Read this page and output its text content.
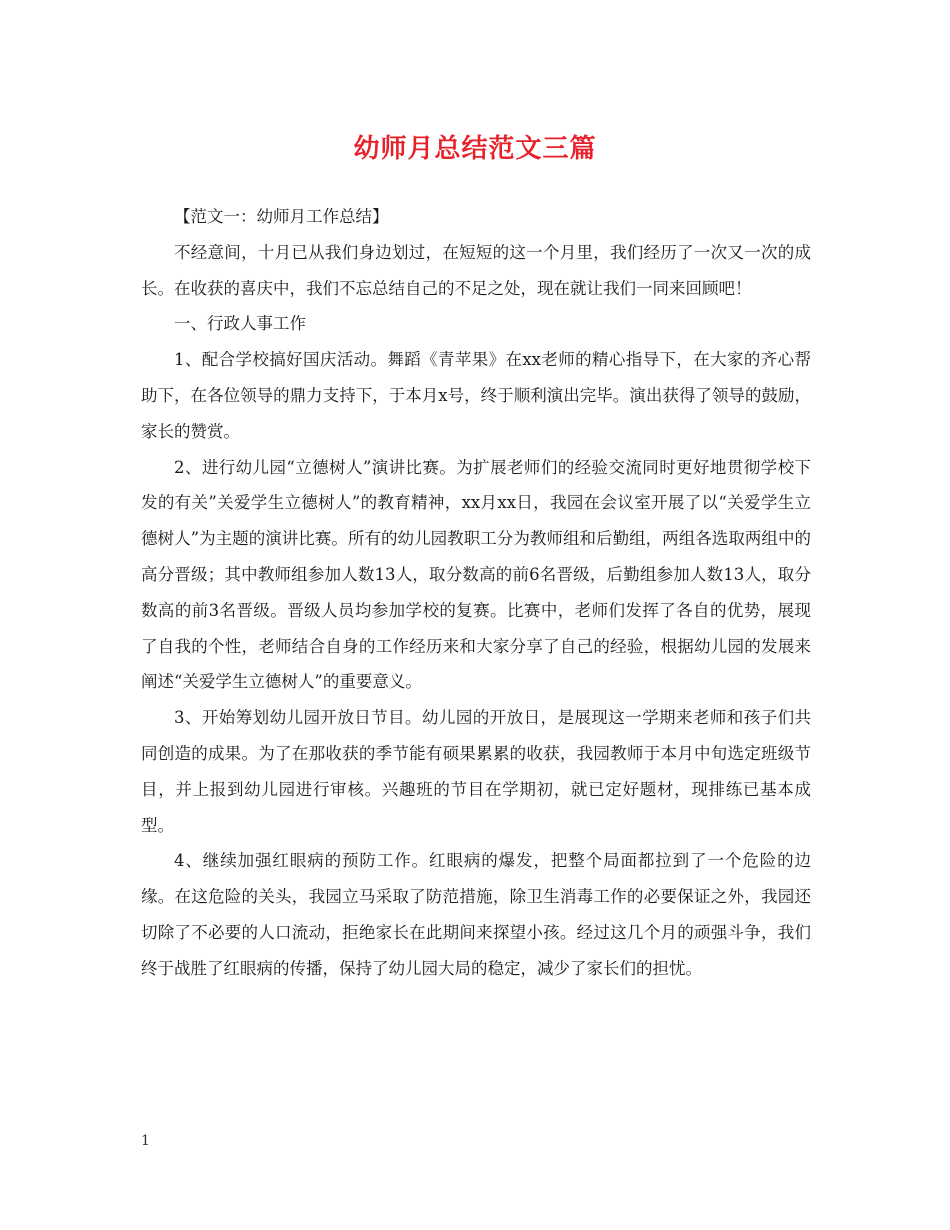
幼师月总结范文三篇

【范文一：幼师月工作总结】

不经意间，十月已从我们身边划过，在短短的这一个月里，我们经历了一次又一次的成长。在收获的喜庆中，我们不忘总结自己的不足之处，现在就让我们一同来回顾吧！

一、行政人事工作

1、配合学校搞好国庆活动。舞蹈《青苹果》在xx老师的精心指导下，在大家的齐心帮助下，在各位领导的鼎力支持下，于本月x号，终于顺利演出完毕。演出获得了领导的鼓励，家长的赞赏。

2、进行幼儿园“立德树人”演讲比赛。为扩展老师们的经验交流同时更好地贯彻学校下发的有关”关爱学生立德树人”的教育精神，xx月xx日，我园在会议室开展了以“关爱学生立德树人”为主题的演讲比赛。所有的幼儿园教职工分为教师组和后勤组，两组各选取两组中的高分晋级；其中教师组参加人数13人，取分数高的前6名晋级，后勤组参加人数13人，取分数高的前3名晋级。晋级人员均参加学校的复赛。比赛中，老师们发挥了各自的优势，展现了自我的个性，老师结合自身的工作经历来和大家分享了自己的经验，根据幼儿园的发展来阐述“关爱学生立德树人”的重要意义。

3、开始筹划幼儿园开放日节目。幼儿园的开放日，是展现这一学期来老师和孩子们共同创造的成果。为了在那收获的季节能有硕果累累的收获，我园教师于本月中旬选定班级节目，并上报到幼儿园进行审核。兴趣班的节目在学期初，就已定好题材，现排练已基本成型。

4、继续加强红眼病的预防工作。红眼病的爆发，把整个局面都拉到了一个危险的边缘。在这危险的关头，我园立马采取了防范措施，除卫生消毒工作的必要保证之外，我园还切除了不必要的人口流动，拒绝家长在此期间来探望小孩。经过这几个月的顽强斗争，我们终于战胜了红眼病的传播，保持了幼儿园大局的稳定，减少了家长们的担忧。

1
